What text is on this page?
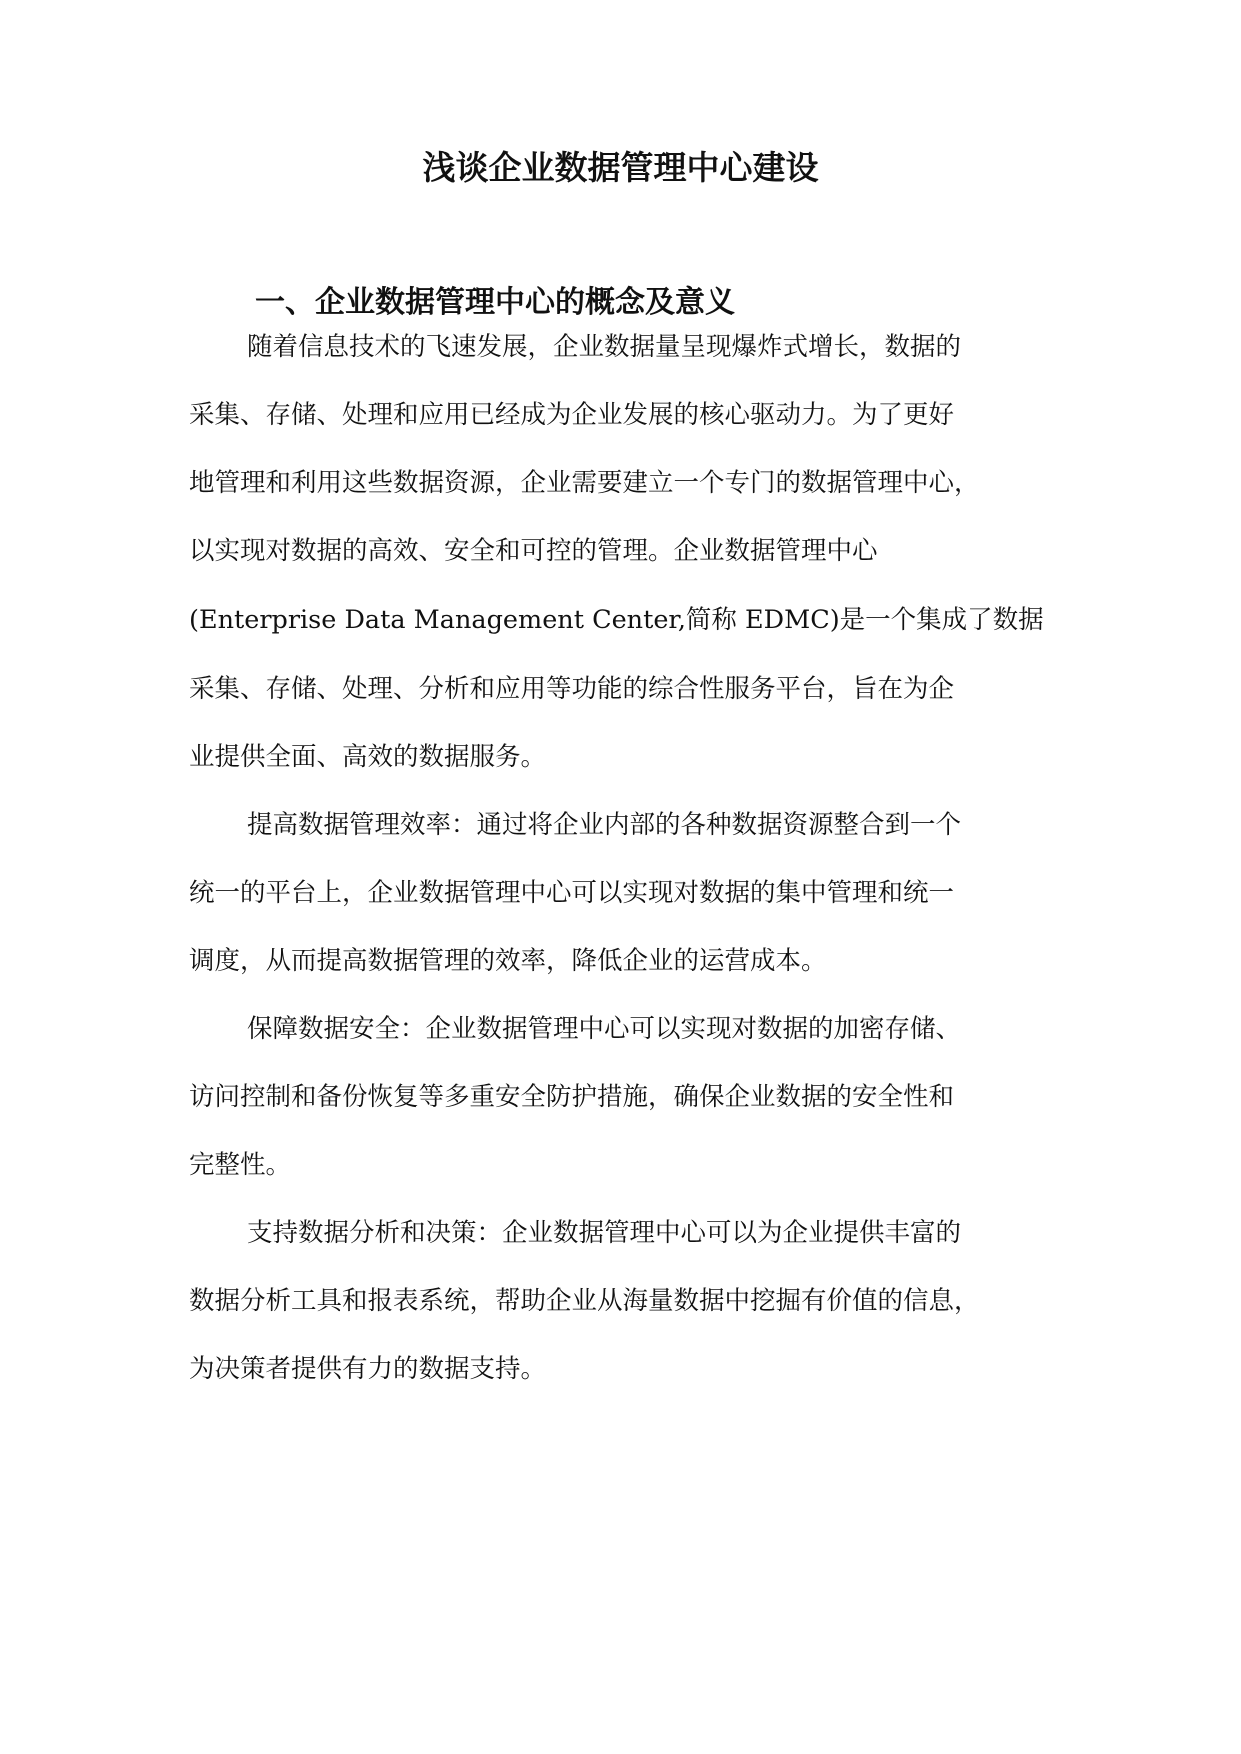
浅谈企业数据管理中心建设
一、企业数据管理中心的概念及意义
随着信息技术的飞速发展，企业数据量呈现爆炸式增长，数据的
采集、存储、处理和应用已经成为企业发展的核心驱动力。为了更好
地管理和利用这些数据资源，企业需要建立一个专门的数据管理中心，
以实现对数据的高效、安全和可控的管理。企业数据管理中心
(Enterprise Data Management Center,简称 EDMC)是一个集成了数据
采集、存储、处理、分析和应用等功能的综合性服务平台，旨在为企
业提供全面、高效的数据服务。
提高数据管理效率：通过将企业内部的各种数据资源整合到一个
统一的平台上，企业数据管理中心可以实现对数据的集中管理和统一
调度，从而提高数据管理的效率，降低企业的运营成本。
保障数据安全：企业数据管理中心可以实现对数据的加密存储、
访问控制和备份恢复等多重安全防护措施，确保企业数据的安全性和
完整性。
支持数据分析和决策：企业数据管理中心可以为企业提供丰富的
数据分析工具和报表系统，帮助企业从海量数据中挖掘有价值的信息，
为决策者提供有力的数据支持。
